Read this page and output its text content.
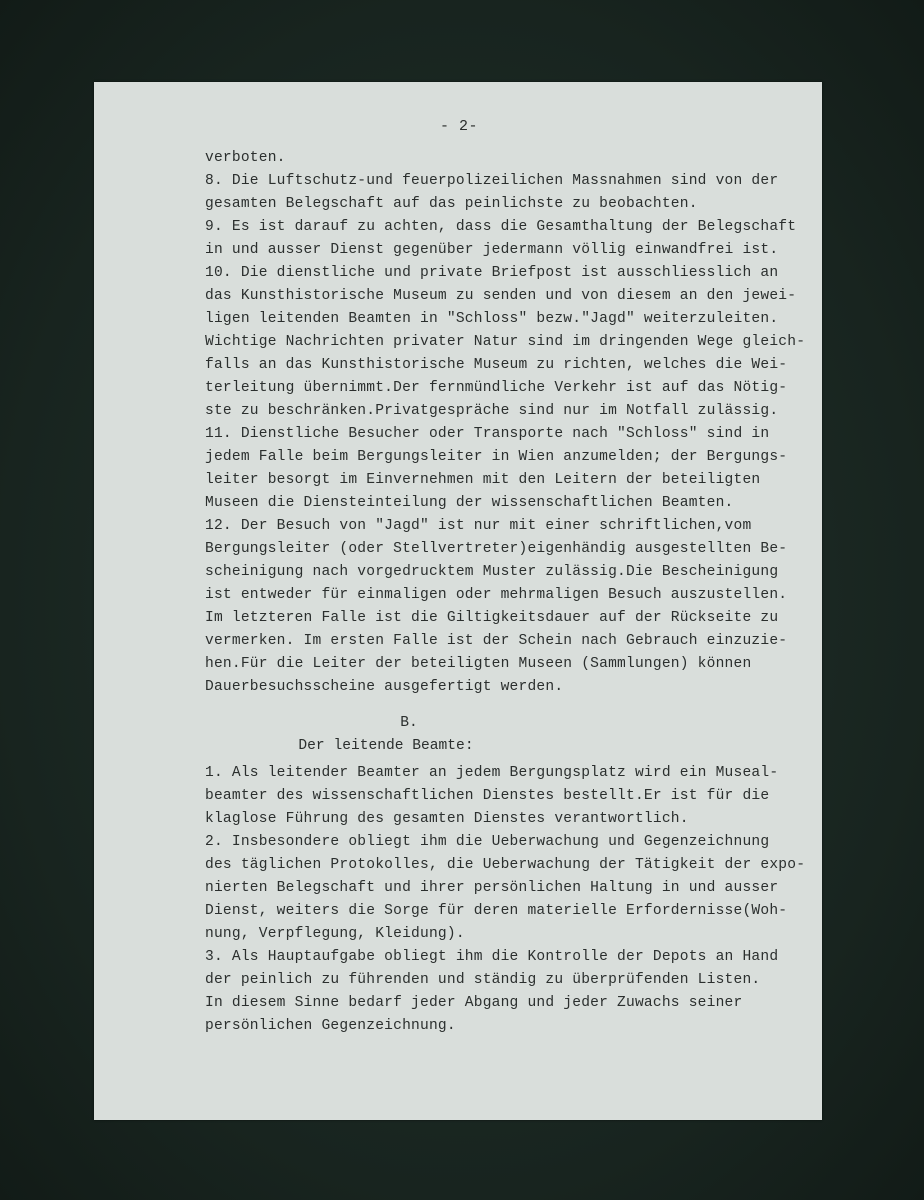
- 2-
verboten.
8. Die Luftschutz-und feuerpolizeilichen Massnahmen sind von der
gesamten Belegschaft auf das peinlichste zu beobachten.
9. Es ist darauf zu achten, dass die Gesamthaltung der Belegschaft
in und ausser Dienst gegenüber jedermann völlig einwandfrei ist.
10. Die dienstliche und private Briefpost ist ausschliesslich an
das Kunsthistorische Museum zu senden und von diesem an den jewei-
ligen leitenden Beamten in "Schloss" bezw."Jagd" weiterzuleiten.
Wichtige Nachrichten privater Natur sind im dringenden Wege gleich-
falls an das Kunsthistorische Museum zu richten, welches die Wei-
terleitung übernimmt.Der fernmündliche Verkehr ist auf das Nötig-
ste zu beschränken.Privatgespräche sind nur im Notfall zulässig.
11. Dienstliche Besucher oder Transporte nach "Schloss" sind in
jedem Falle beim Bergungsleiter in Wien anzumelden; der Bergungs-
leiter besorgt im Einvernehmen mit den Leitern der beteiligten
Museen die Diensteinteilung der wissenschaftlichen Beamten.
12. Der Besuch von "Jagd" ist nur mit einer schriftlichen,vom
Bergungsleiter (oder Stellvertreter)eigenhändig ausgestellten Be-
scheinigung nach vorgedrucktem Muster zulässig.Die Bescheinigung
ist entweder für einmaligen oder mehrmaligen Besuch auszustellen.
Im letzteren Falle ist die Giltigkeitsdauer auf der Rückseite zu
vermerken. Im ersten Falle ist der Schein nach Gebrauch einzuzie-
hen.Für die Leiter der beteiligten Museen (Sammlungen) können
Dauerbesuchsscheine ausgefertigt werden.
B.
Der leitende Beamte:
1. Als leitender Beamter an jedem Bergungsplatz wird ein Museal-
beamter des wissenschaftlichen Dienstes bestellt.Er ist für die
klaglose Führung des gesamten Dienstes verantwortlich.
2. Insbesondere obliegt ihm die Ueberwachung und Gegenzeichnung
des täglichen Protokolles, die Ueberwachung der Tätigkeit der expo-
nierten Belegschaft und ihrer persönlichen Haltung in und ausser
Dienst, weiters die Sorge für deren materielle Erfordernisse(Woh-
nung, Verpflegung, Kleidung).
3. Als Hauptaufgabe obliegt ihm die Kontrolle der Depots an Hand
der peinlich zu führenden und ständig zu überprüfenden Listen.
In diesem Sinne bedarf jeder Abgang und jeder Zuwachs seiner
persönlichen Gegenzeichnung.
